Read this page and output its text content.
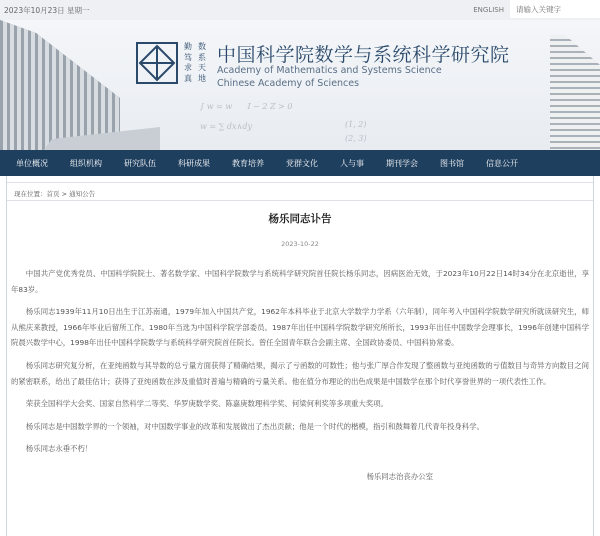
2023年10月23日 星期一	ENGLISH
请输入关键字
∫ w = w      I − 2 Z > 0
w = ∑ dx∧dy	(1, 2)
(2, 3)
勤 数
笃 系
求 天
真 地
中国科学院数学与系统科学研究院
Academy of Mathematics and Systems Science
Chinese Academy of Sciences
单位概况	组织机构	研究队伍	科研成果	教育培养	党群文化	人与事	期刊学会	图书馆	信息公开
现在位置：首页 > 通知公告
杨乐同志讣告
2023-10-22

中国共产党优秀党员、中国科学院院士、著名数学家、中国科学院数学与系统科学研究院首任院长杨乐同志，因病医治无效，于2023年10月22日14时34分在北京逝世，享年83岁。

杨乐同志1939年11月10日出生于江苏南通，1979年加入中国共产党，1962年本科毕业于北京大学数学力学系（六年制），同年考入中国科学院数学研究所就读研究生，师从熊庆来教授，1966年毕业后留所工作。1980年当选为中国科学院学部委员。1987年出任中国科学院数学研究所所长，1993年出任中国数学会理事长，1996年创建中国科学院晨兴数学中心，1998年出任中国科学院数学与系统科学研究院首任院长。曾任全国青年联合会副主席、全国政协委员、中国科协常委。

杨乐同志研究复分析，在亚纯函数与其导数的总亏量方面获得了精确结果，揭示了亏函数的可数性；他与张广厚合作发现了整函数与亚纯函数的亏值数目与奇异方向数目之间的紧密联系，给出了最佳估计；获得了亚纯函数在涉及重值时普遍与精确的亏量关系。他在值分布理论的出色成果是中国数学在那个时代享誉世界的一项代表性工作。

荣获全国科学大会奖、国家自然科学二等奖、华罗庚数学奖、陈嘉庚数理科学奖、何梁何利奖等多项重大奖项。

杨乐同志是中国数学界的一个领袖，对中国数学事业的改革和发展做出了杰出贡献；他是一个时代的楷模，指引和鼓舞着几代青年投身科学。

杨乐同志永垂不朽！

杨乐同志治丧办公室
